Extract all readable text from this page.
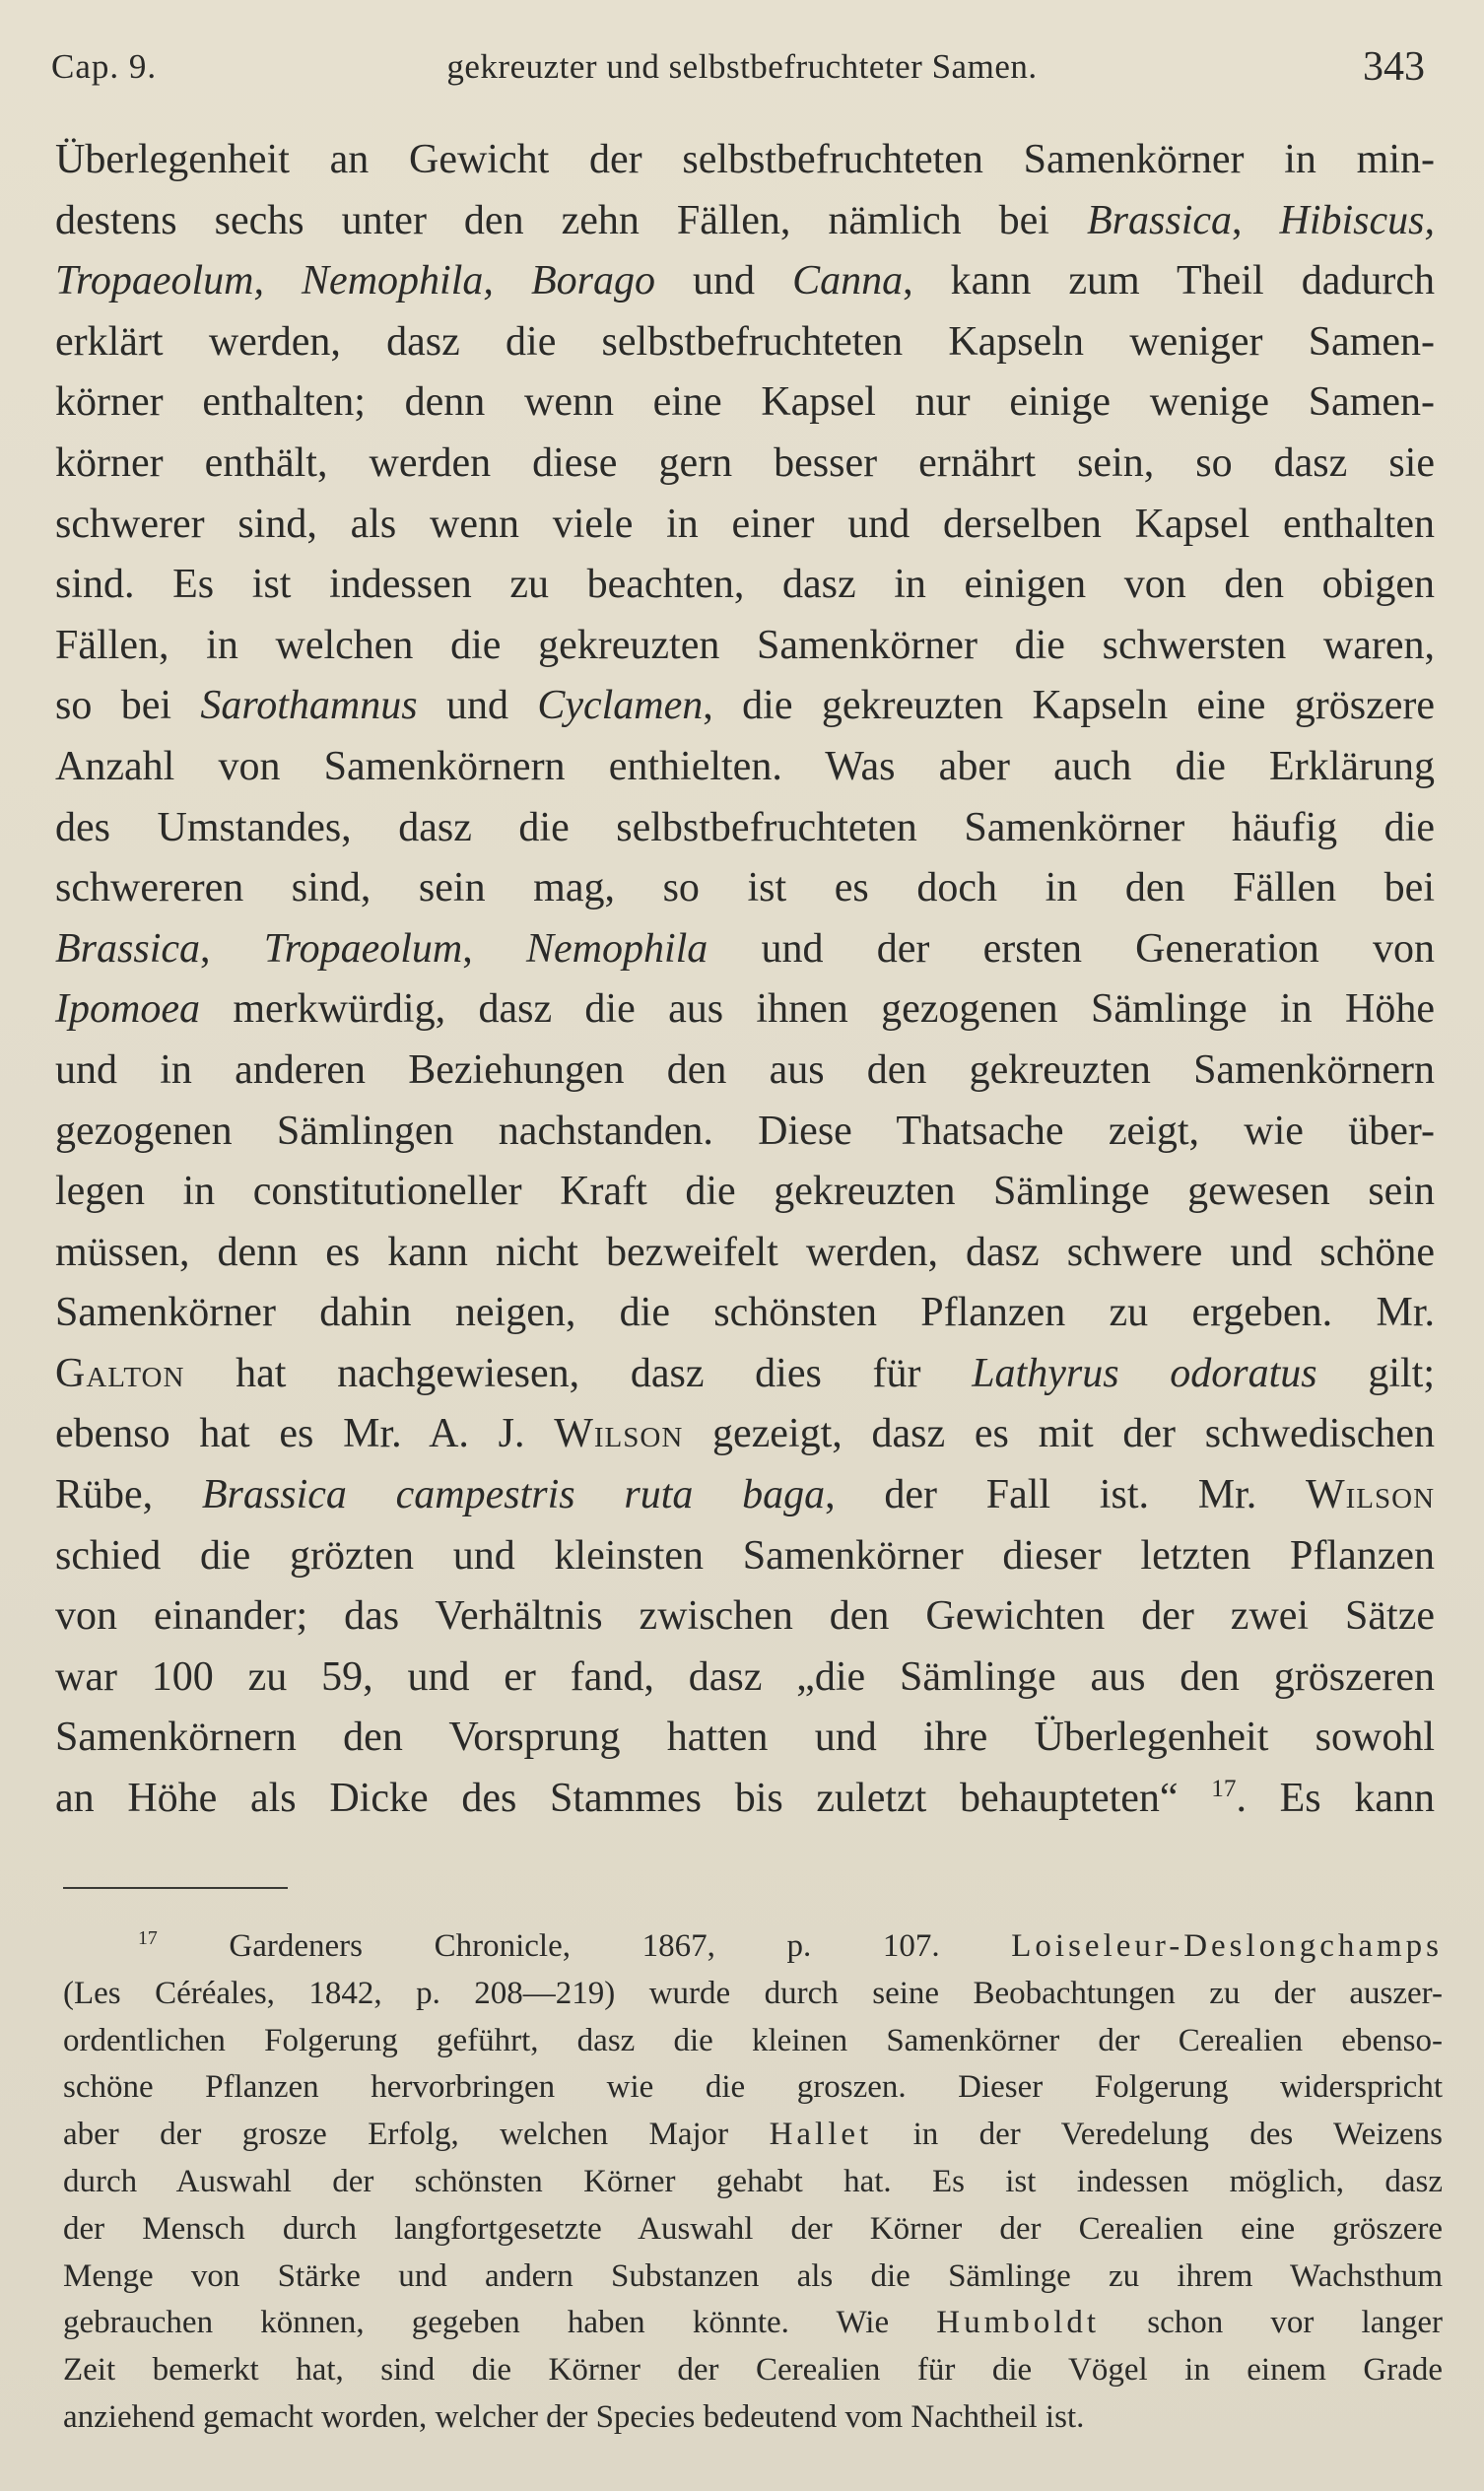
Cap. 9.	gekreuzter und selbstbefruchteter Samen.	343
Überlegenheit an Gewicht der selbstbefruchteten Samenkörner in min-
destens sechs unter den zehn Fällen, nämlich bei Brassica, Hibiscus,
Tropaeolum, Nemophila, Borago und Canna, kann zum Theil dadurch
erklärt werden, dasz die selbstbefruchteten Kapseln weniger Samen-
körner enthalten; denn wenn eine Kapsel nur einige wenige Samen-
körner enthält, werden diese gern besser ernährt sein, so dasz sie
schwerer sind, als wenn viele in einer und derselben Kapsel enthalten
sind. Es ist indessen zu beachten, dasz in einigen von den obigen
Fällen, in welchen die gekreuzten Samenkörner die schwersten waren,
so bei Sarothamnus und Cyclamen, die gekreuzten Kapseln eine gröszere
Anzahl von Samenkörnern enthielten. Was aber auch die Erklärung
des Umstandes, dasz die selbstbefruchteten Samenkörner häufig die
schwereren sind, sein mag, so ist es doch in den Fällen bei
Brassica, Tropaeolum, Nemophila und der ersten Generation von
Ipomoea merkwürdig, dasz die aus ihnen gezogenen Sämlinge in Höhe
und in anderen Beziehungen den aus den gekreuzten Samenkörnern
gezogenen Sämlingen nachstanden. Diese Thatsache zeigt, wie über-
legen in constitutioneller Kraft die gekreuzten Sämlinge gewesen sein
müssen, denn es kann nicht bezweifelt werden, dasz schwere und schöne
Samenkörner dahin neigen, die schönsten Pflanzen zu ergeben. Mr.
Galton hat nachgewiesen, dasz dies für Lathyrus odoratus gilt;
ebenso hat es Mr. A. J. Wilson gezeigt, dasz es mit der schwedischen
Rübe, Brassica campestris ruta baga, der Fall ist. Mr. Wilson
schied die grözten und kleinsten Samenkörner dieser letzten Pflanzen
von einander; das Verhältnis zwischen den Gewichten der zwei Sätze
war 100 zu 59, und er fand, dasz „die Sämlinge aus den gröszeren
Samenkörnern den Vorsprung hatten und ihre Überlegenheit sowohl
an Höhe als Dicke des Stammes bis zuletzt behaupteten“ $^{17}$. Es kann
$^{17}$ Gardeners Chronicle, 1867, p. 107. Loiseleur-Deslongchamps
(Les Céréales, 1842, p. 208—219) wurde durch seine Beobachtungen zu der auszer-
ordentlichen Folgerung geführt, dasz die kleinen Samenkörner der Cerealien ebenso-
schöne Pflanzen hervorbringen wie die groszen. Dieser Folgerung widerspricht
aber der grosze Erfolg, welchen Major Hallet in der Veredelung des Weizens
durch Auswahl der schönsten Körner gehabt hat. Es ist indessen möglich, dasz
der Mensch durch langfortgesetzte Auswahl der Körner der Cerealien eine gröszere
Menge von Stärke und andern Substanzen als die Sämlinge zu ihrem Wachsthum
gebrauchen können, gegeben haben könnte. Wie Humboldt schon vor langer
Zeit bemerkt hat, sind die Körner der Cerealien für die Vögel in einem Grade
anziehend gemacht worden, welcher der Species bedeutend vom Nachtheil ist.
